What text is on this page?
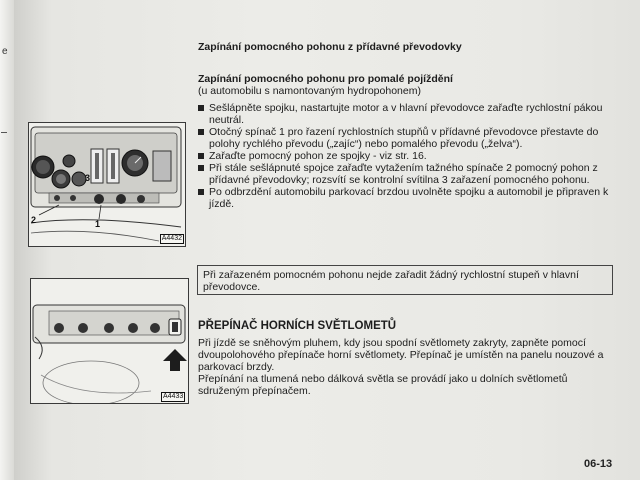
e
2
3
1
A4432
A4433
Zapínání pomocného pohonu z přídavné převodovky
Zapínání pomocného pohonu pro pomalé pojíždění
(u automobilu s namontovaným hydropohonem)
Sešlápněte spojku, nastartujte motor a v hlavní převodovce zařaďte rychlostní pákou neutrál.
Otočný spínač 1 pro řazení rychlostních stupňů v přídavné převodovce přestavte do polohy rychlého převodu („zajíc“) nebo pomalého převodu („želva“).
Zařaďte pomocný pohon ze spojky - viz str. 16.
Při stále sešlápnuté spojce zařaďte vytažením tažného spínače 2 pomocný pohon z přídavné převodovky; rozsvítí se kontrolní svítilna 3 zařazení pomocného pohonu.
Po odbrzdění automobilu parkovací brzdou uvolněte spojku a automobil je připraven k jízdě.
Při zařazeném pomocném pohonu nejde zařadit žádný rychlostní stupeň v hlavní převodovce.
PŘEPÍNAČ HORNÍCH SVĚTLOMETŮ
Při jízdě se sněhovým pluhem, kdy jsou spodní světlomety zakryty, zapněte pomocí dvoupolohového přepínače horní světlomety. Přepínač je umístěn na panelu nouzové a parkovací brzdy.
Přepínání na tlumená nebo dálková světla se provádí jako u dolních světlometů sdruženým přepínačem.
06-13
